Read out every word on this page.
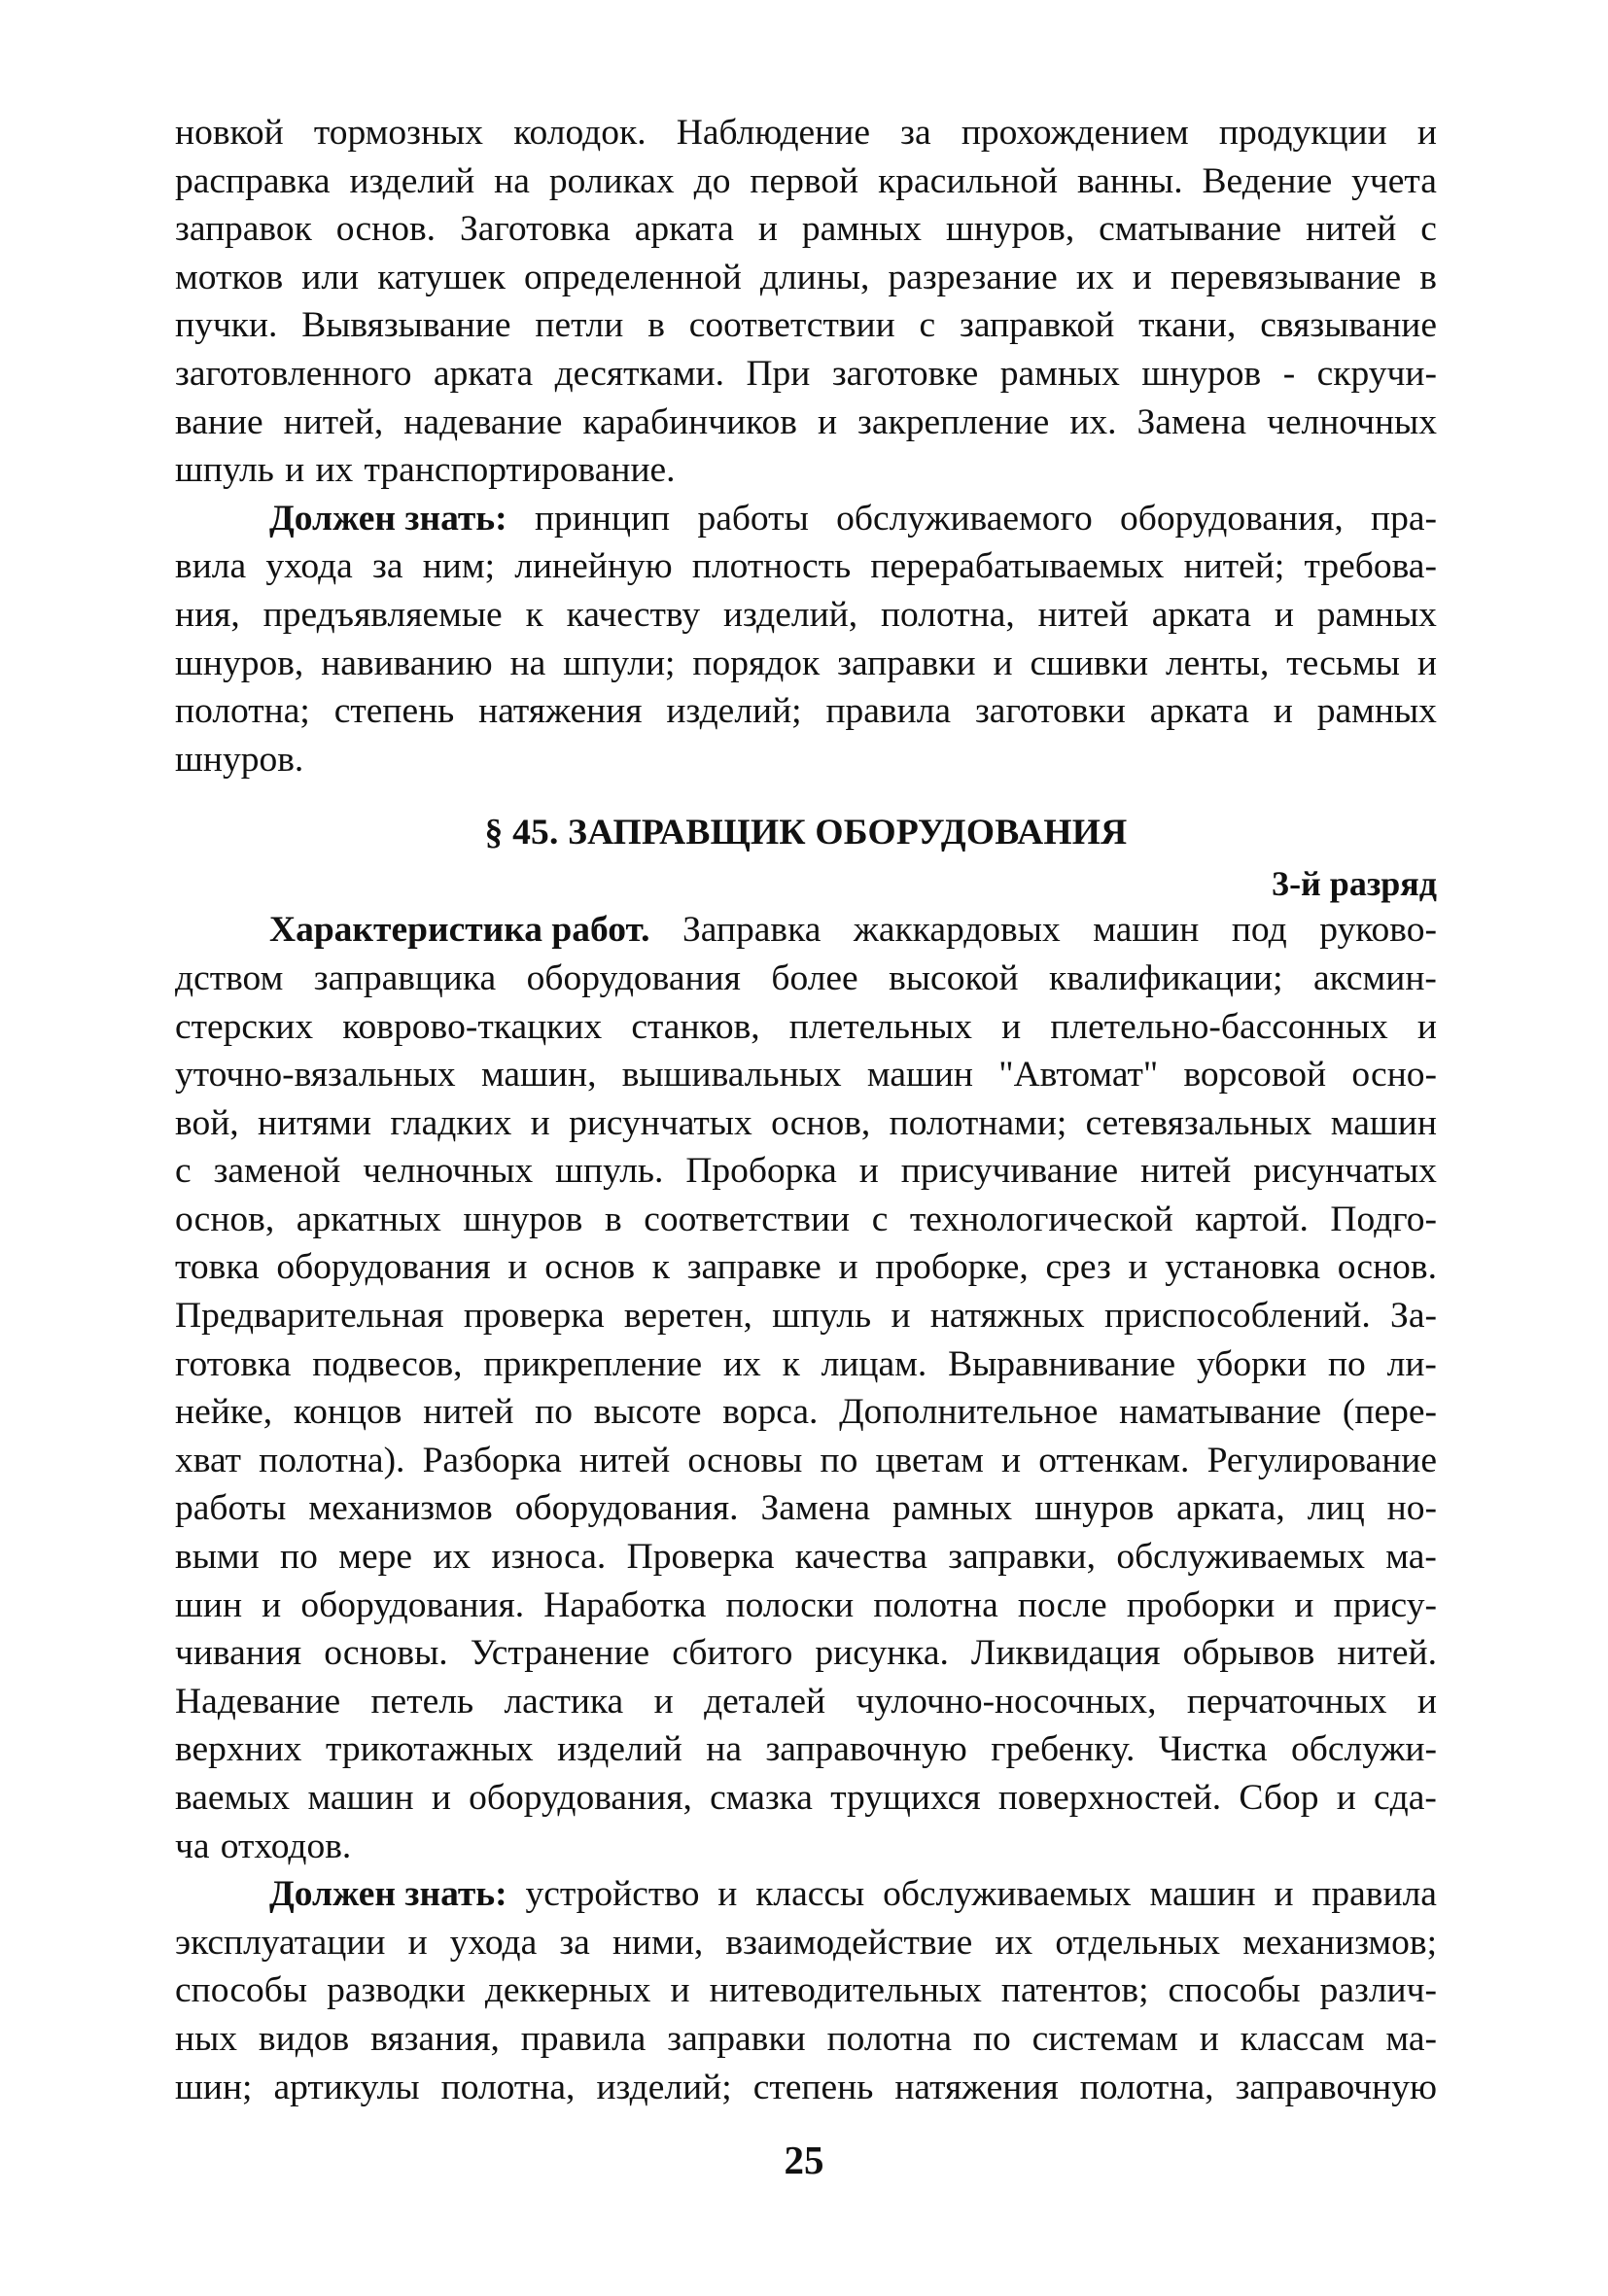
новкой тормозных колодок. Наблюдение за прохождением продукции и
расправка изделий на роликах до первой красильной ванны. Ведение учета
заправок основ. Заготовка арката и рамных шнуров, сматывание нитей с
мотков или катушек определенной длины, разрезание их и перевязывание в
пучки. Вывязывание петли в соответствии с заправкой ткани, связывание
заготовленного арката десятками. При заготовке рамных шнуров - скручи-
вание нитей, надевание карабинчиков и закрепление их. Замена челночных
шпуль и их транспортирование.
Должен знать: принцип работы обслуживаемого оборудования, пра-
вила ухода за ним; линейную плотность перерабатываемых нитей; требова-
ния, предъявляемые к качеству изделий, полотна, нитей арката и рамных
шнуров, навиванию на шпули; порядок заправки и сшивки ленты, тесьмы и
полотна; степень натяжения изделий; правила заготовки арката и рамных
шнуров.
§ 45. ЗАПРАВЩИК ОБОРУДОВАНИЯ
3-й разряд
Характеристика работ. Заправка жаккардовых машин под руково-
дством заправщика оборудования более высокой квалификации; аксмин-
стерских ковровo-ткацких станков, плетельных и плетельно-бассонных и
уточно-вязальных машин, вышивальных машин "Автомат" ворсовой осно-
вой, нитями гладких и рисунчатых основ, полотнами; сетевязальных машин
с заменой челночных шпуль. Проборка и присучивание нитей рисунчатых
основ, аркатных шнуров в соответствии с технологической картой. Подго-
товка оборудования и основ к заправке и проборке, срез и установка основ.
Предварительная проверка веретен, шпуль и натяжных приспособлений. За-
готовка подвесов, прикрепление их к лицам. Выравнивание уборки по ли-
нейке, концов нитей по высоте ворса. Дополнительное наматывание (пере-
хват полотна). Разборка нитей основы по цветам и оттенкам. Регулирование
работы механизмов оборудования. Замена рамных шнуров арката, лиц но-
выми по мере их износа. Проверка качества заправки, обслуживаемых ма-
шин и оборудования. Наработка полоски полотна после проборки и прису-
чивания основы. Устранение сбитого рисунка. Ликвидация обрывов нитей.
Надевание петель ластика и деталей чулочно-носочных, перчаточных и
верхних трикотажных изделий на заправочную гребенку. Чистка обслужи-
ваемых машин и оборудования, смазка трущихся поверхностей. Сбор и сда-
ча отходов.
Должен знать: устройство и классы обслуживаемых машин и правила
эксплуатации и ухода за ними, взаимодействие их отдельных механизмов;
способы разводки деккерных и нитеводительных патентов; способы различ-
ных видов вязания, правила заправки полотна по системам и классам ма-
шин; артикулы полотна, изделий; степень натяжения полотна, заправочную
25
